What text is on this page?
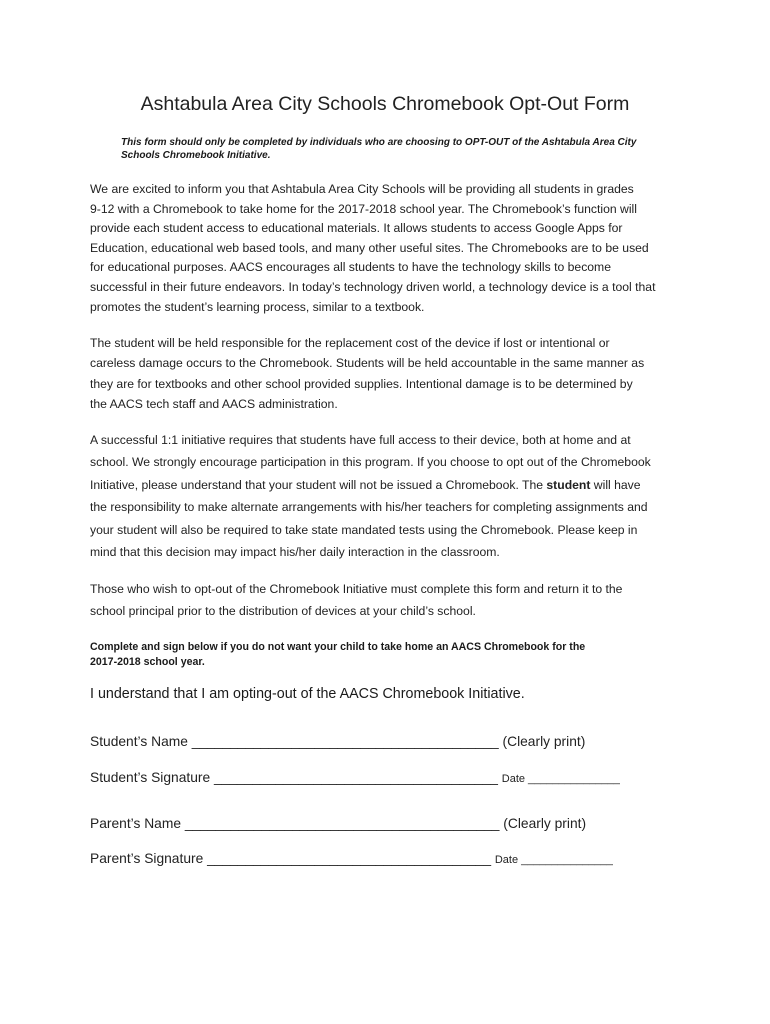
Ashtabula Area City Schools Chromebook Opt-Out Form
This form should only be completed by individuals who are choosing to OPT-OUT of the Ashtabula Area City
Schools Chromebook Initiative.
We are excited to inform you that Ashtabula Area City Schools will be providing all students in grades
9-12 with a Chromebook to take home for the 2017-2018 school year. The Chromebook’s function will
provide each student access to educational materials. It allows students to access Google Apps for
Education, educational web based tools, and many other useful sites. The Chromebooks are to be used
for educational purposes. AACS encourages all students to have the technology skills to become
successful in their future endeavors. In today’s technology driven world, a technology device is a tool that
promotes the student’s learning process, similar to a textbook.
The student will be held responsible for the replacement cost of the device if lost or intentional or
careless damage occurs to the Chromebook. Students will be held accountable in the same manner as
they are for textbooks and other school provided supplies. Intentional damage is to be determined by
the AACS tech staff and AACS administration.
A successful 1:1 initiative requires that students have full access to their device, both at home and at
school. We strongly encourage participation in this program. If you choose to opt out of the Chromebook
Initiative, please understand that your student will not be issued a Chromebook. The student will have
the responsibility to make alternate arrangements with his/her teachers for completing assignments and
your student will also be required to take state mandated tests using the Chromebook. Please keep in
mind that this decision may impact his/her daily interaction in the classroom.
Those who wish to opt-out of the Chromebook Initiative must complete this form and return it to the
school principal prior to the distribution of devices at your child’s school.
Complete and sign below if you do not want your child to take home an AACS Chromebook for the
2017-2018 school year.
I understand that I am opting-out of the AACS Chromebook Initiative.
Student’s Name ________________________________________ (Clearly print)
Student’s Signature _____________________________________ Date _______________
Parent’s Name _________________________________________ (Clearly print)
Parent’s Signature _____________________________________ Date _______________
